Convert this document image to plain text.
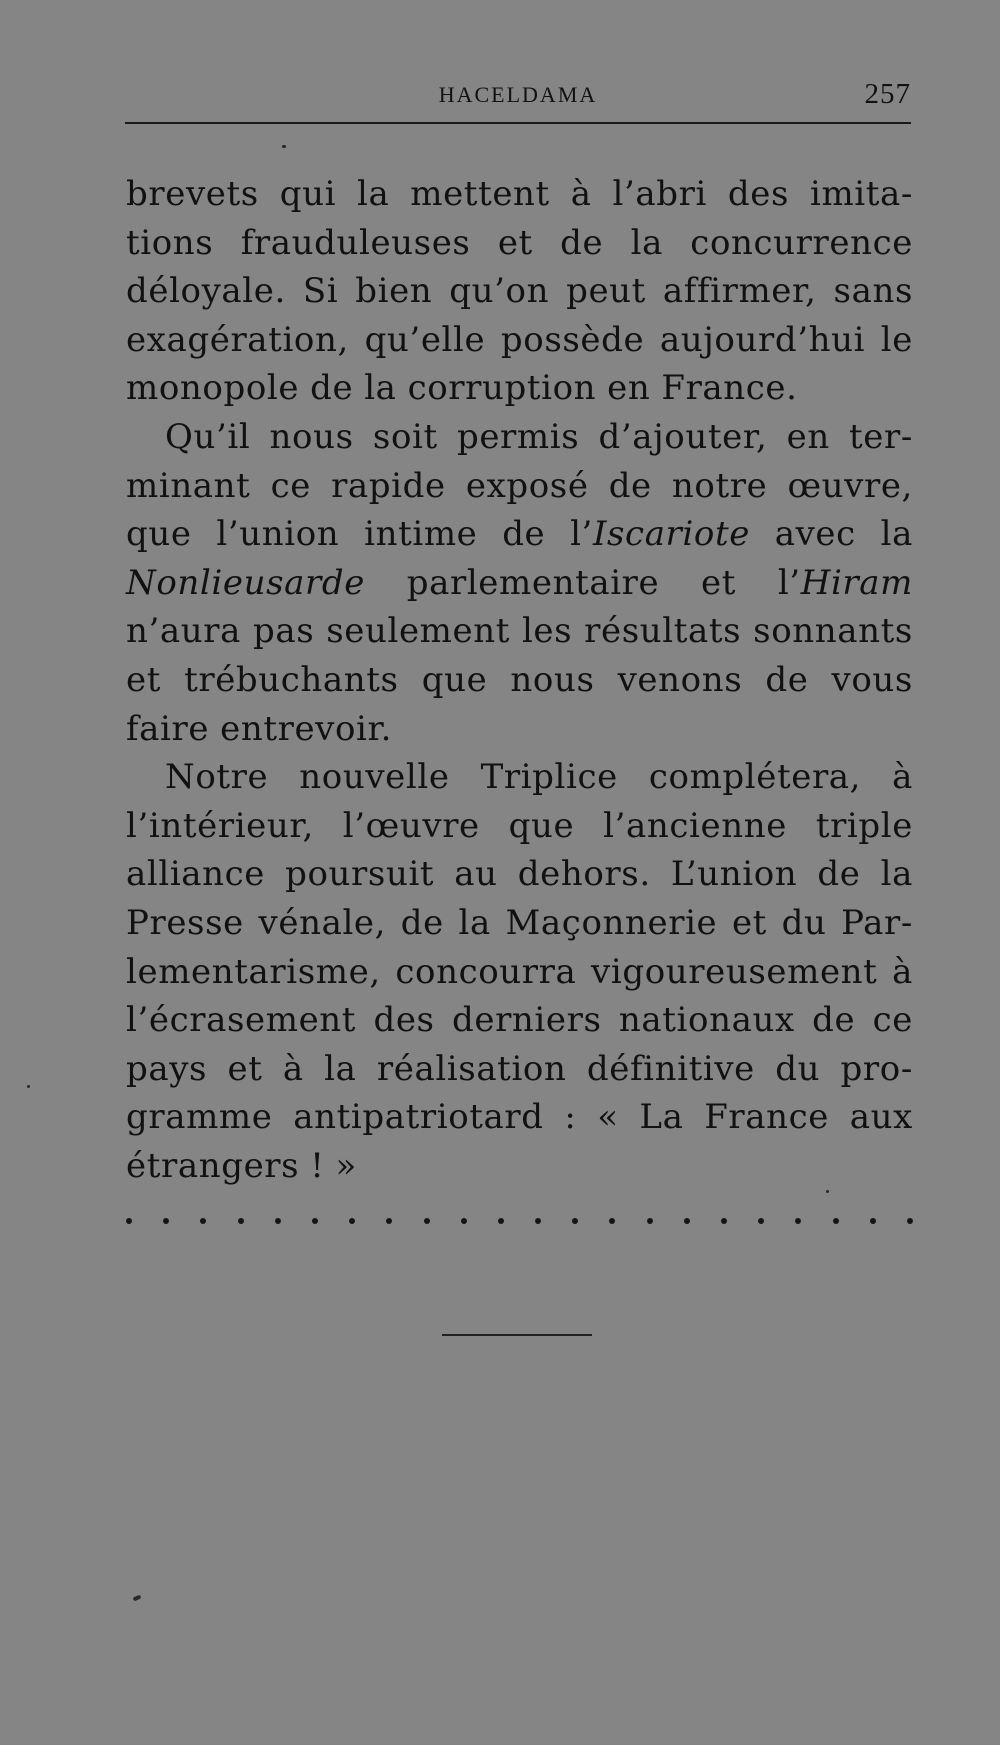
HACELDAMA	257
brevets qui la mettent à l’abri des imita-
tions frauduleuses et de la concurrence
déloyale. Si bien qu’on peut affirmer, sans
exagération, qu’elle possède aujourd’hui le
monopole de la corruption en France.
Qu’il nous soit permis d’ajouter, en ter-
minant ce rapide exposé de notre œuvre,
que l’union intime de l’Iscariote avec la
Nonlieusarde parlementaire et l’Hiram
n’aura pas seulement les résultats sonnants
et trébuchants que nous venons de vous
faire entrevoir.
Notre nouvelle Triplice complétera, à
l’intérieur, l’œuvre que l’ancienne triple
alliance poursuit au dehors. L’union de la
Presse vénale, de la Maçonnerie et du Par-
lementarisme, concourra vigoureusement à
l’écrasement des derniers nationaux de ce
pays et à la réalisation définitive du pro-
gramme antipatriotard : « La France aux
étrangers ! »
